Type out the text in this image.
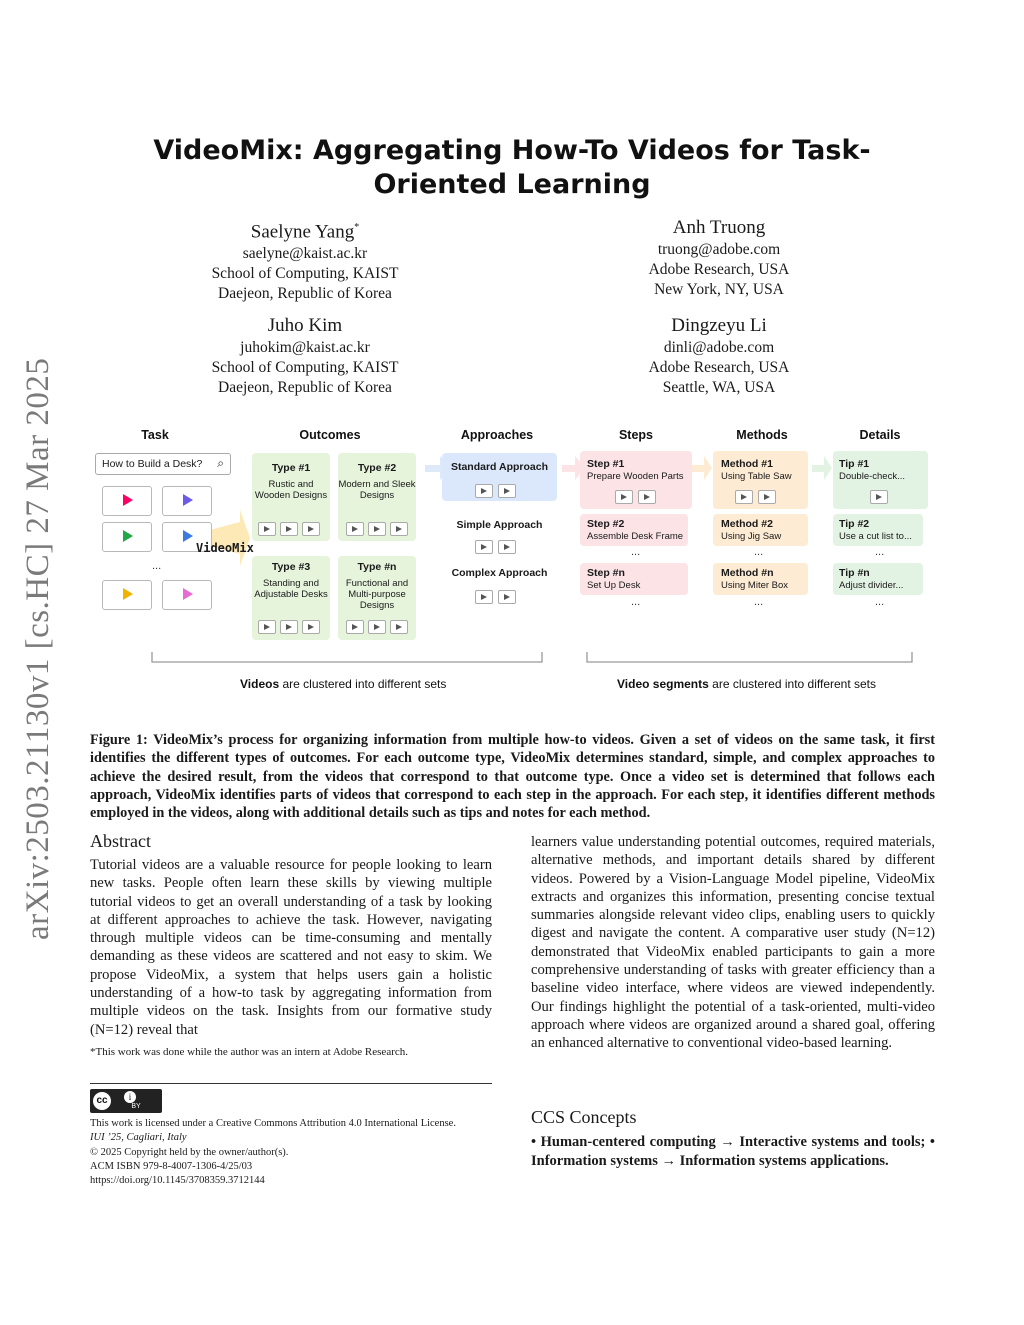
arXiv:2503.21130v1 [cs.HC] 27 Mar 2025
VideoMix: Aggregating How-To Videos for Task-Oriented Learning
Saelyne Yang*
saelyne@kaist.ac.kr
School of Computing, KAIST
Daejeon, Republic of Korea
Anh Truong
truong@adobe.com
Adobe Research, USA
New York, NY, USA
Juho Kim
juhokim@kaist.ac.kr
School of Computing, KAIST
Daejeon, Republic of Korea
Dingzeyu Li
dinli@adobe.com
Adobe Research, USA
Seattle, WA, USA
Task	Outcomes	Approaches	Steps	Methods	Details
How to Build a Desk? ⌕
...
VideoMix
Type #1
Rustic and Wooden Designs
Type #2
Modern and Sleek Designs
Type #3
Standing and Adjustable Desks
Type #n
Functional and Multi-purpose Designs
Standard Approach
Simple Approach
Complex Approach
Step #1
Prepare Wooden Parts
Step #2
Assemble Desk Frame
...
Step #n
Set Up Desk
...
Method #1
Using Table Saw
Method #2
Using Jig Saw
...
Method #n
Using Miter Box
...
Tip #1
Double-check...
Tip #2
Use a cut list to...
...
Tip #n
Adjust divider...
...
Videos are clustered into different sets	Video segments are clustered into different sets
Figure 1: VideoMix’s process for organizing information from multiple how-to videos. Given a set of videos on the same task, it first identifies the different types of outcomes. For each outcome type, VideoMix determines standard, simple, and complex approaches to achieve the desired result, from the videos that correspond to that outcome type. Once a video set is determined that follows each approach, VideoMix identifies parts of videos that correspond to each step in the approach. For each step, it identifies different methods employed in the videos, along with additional details such as tips and notes for each method.
Abstract
Tutorial videos are a valuable resource for people looking to learn new tasks. People often learn these skills by viewing multiple tutorial videos to get an overall understanding of a task by looking at different approaches to achieve the task. However, navigating through multiple videos can be time-consuming and mentally demanding as these videos are scattered and not easy to skim. We propose VideoMix, a system that helps users gain a holistic understanding of a how-to task by aggregating information from multiple videos on the task. Insights from our formative study (N=12) reveal that
learners value understanding potential outcomes, required materials, alternative methods, and important details shared by different videos. Powered by a Vision-Language Model pipeline, VideoMix extracts and organizes this information, presenting concise textual summaries alongside relevant video clips, enabling users to quickly digest and navigate the content. A comparative user study (N=12) demonstrated that VideoMix enabled participants to gain a more comprehensive understanding of tasks with greater efficiency than a baseline video interface, where videos are viewed independently. Our findings highlight the potential of a task-oriented, multi-video approach where videos are organized around a shared goal, offering an enhanced alternative to conventional video-based learning.
*This work was done while the author was an intern at Adobe Research.
cc	i
BY
This work is licensed under a Creative Commons Attribution 4.0 International License.
IUI ’25, Cagliari, Italy
© 2025 Copyright held by the owner/author(s).
ACM ISBN 979-8-4007-1306-4/25/03
https://doi.org/10.1145/3708359.3712144
CCS Concepts
• Human-centered computing → Interactive systems and tools; • Information systems → Information systems applications.
